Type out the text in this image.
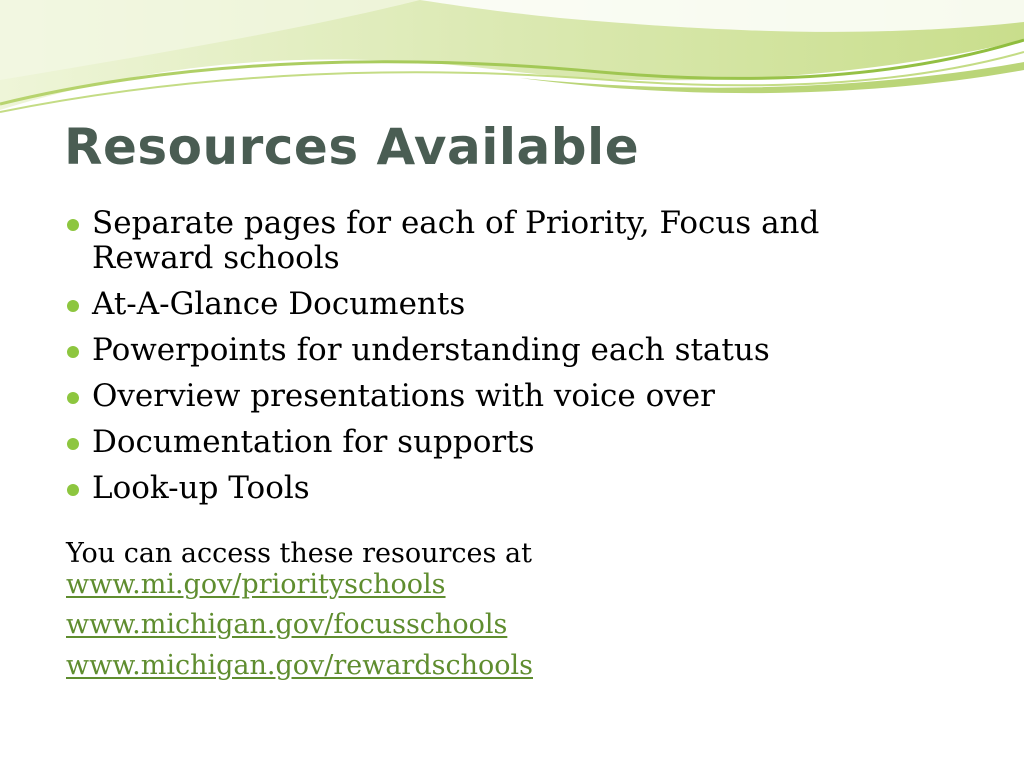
Resources Available
Separate pages for each of Priority, Focus and Reward schools
At-A-Glance Documents
Powerpoints for understanding each status
Overview presentations with voice over
Documentation for supports
Look-up Tools
You can access these resources at
www.mi.gov/priorityschools
www.michigan.gov/focusschools
www.michigan.gov/rewardschools
